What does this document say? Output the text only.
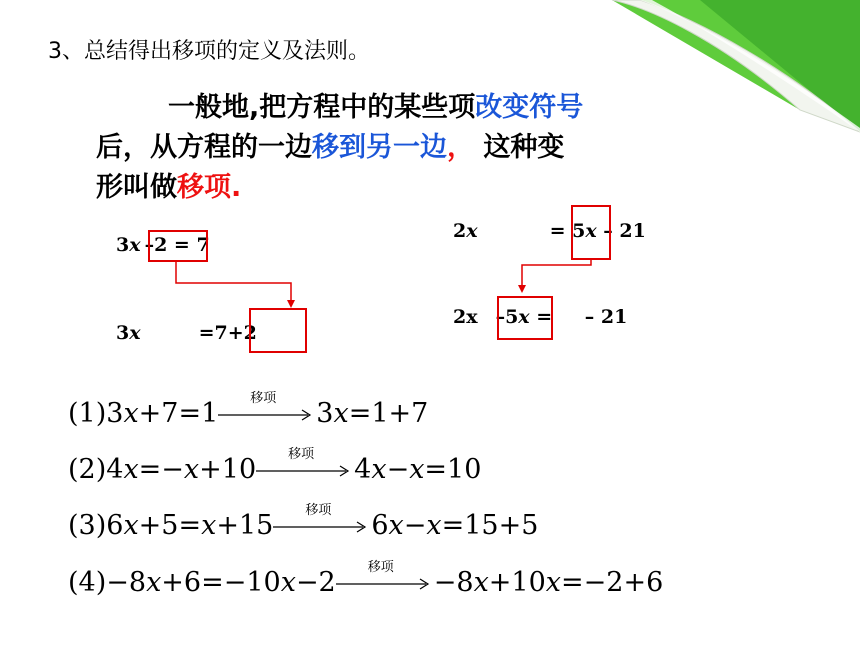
3、总结得出移项的定义及法则。
一般地,把方程中的某些项改变符号
后，从方程的一边移到另一边， 这种变
形叫做移项.
3x –2 = 7
3x	=7+2
2x	= 5x – 21
2x –5x = – 21
(1)3x+7=1 移项 3x=1+7
(2)4x=−x+10 移项 4x−x=10
(3)6x+5=x+15 移项 6x−x=15+5
(4)−8x+6=−10x−2 移项 −8x+10x=−2+6
